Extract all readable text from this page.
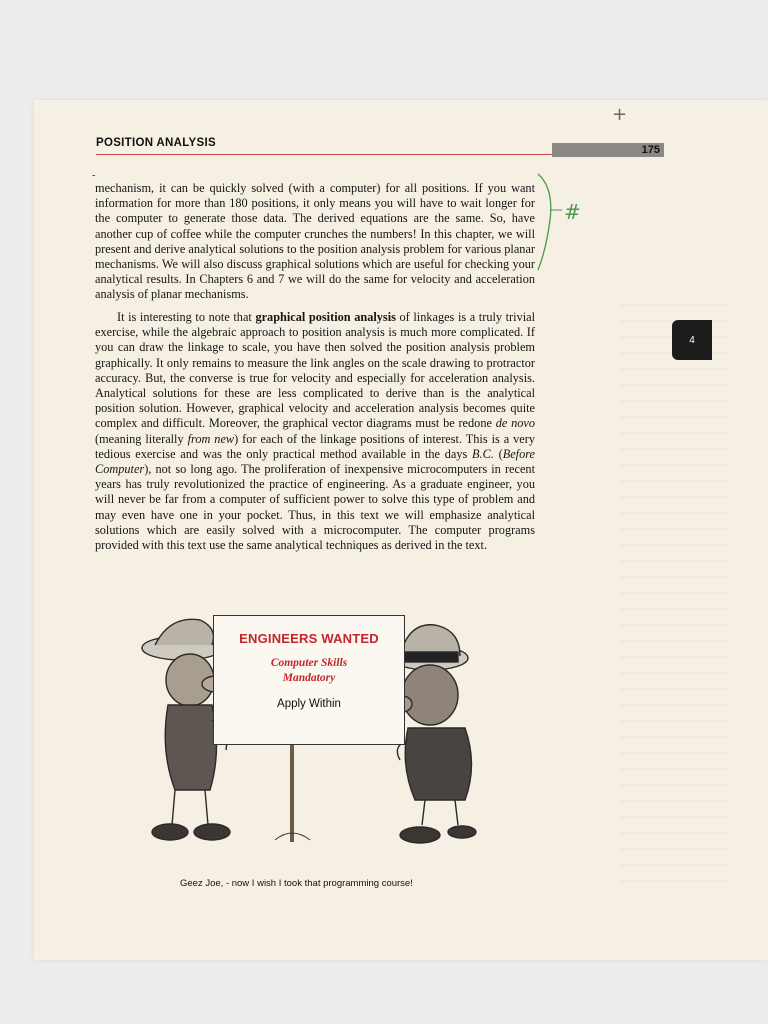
+
POSITION ANALYSIS
175
4
-
mechanism, it can be quickly solved (with a computer) for all positions. If you want information for more than 180 positions, it only means you will have to wait longer for the computer to generate those data. The derived equations are the same. So, have another cup of coffee while the computer crunches the numbers! In this chapter, we will present and derive analytical solutions to the position analysis problem for various planar mechanisms. We will also discuss graphical solutions which are useful for checking your analytical results. In Chapters 6 and 7 we will do the same for velocity and acceleration analysis of planar mechanisms.
It is interesting to note that graphical position analysis of linkages is a truly trivial exercise, while the algebraic approach to position analysis is much more complicated. If you can draw the linkage to scale, you have then solved the position analysis problem graphically. It only remains to measure the link angles on the scale drawing to protractor accuracy. But, the converse is true for velocity and especially for acceleration analysis. Analytical solutions for these are less complicated to derive than is the analytical position solution. However, graphical velocity and acceleration analysis becomes quite complex and difficult. Moreover, the graphical vector diagrams must be redone de novo (meaning literally from new) for each of the linkage positions of interest. This is a very tedious exercise and was the only practical method available in the days B.C. (Before Computer), not so long ago. The proliferation of inexpensive microcomputers in recent years has truly revolutionized the practice of engineering. As a graduate engineer, you will never be far from a computer of sufficient power to solve this type of problem and may even have one in your pocket. Thus, in this text we will emphasize analytical solutions which are easily solved with a microcomputer. The computer programs provided with this text use the same analytical techniques as derived in the text.
#
ENGINEERS WANTED
Computer Skills
Mandatory
Apply Within
Geez Joe, - now I wish I took that programming course!
